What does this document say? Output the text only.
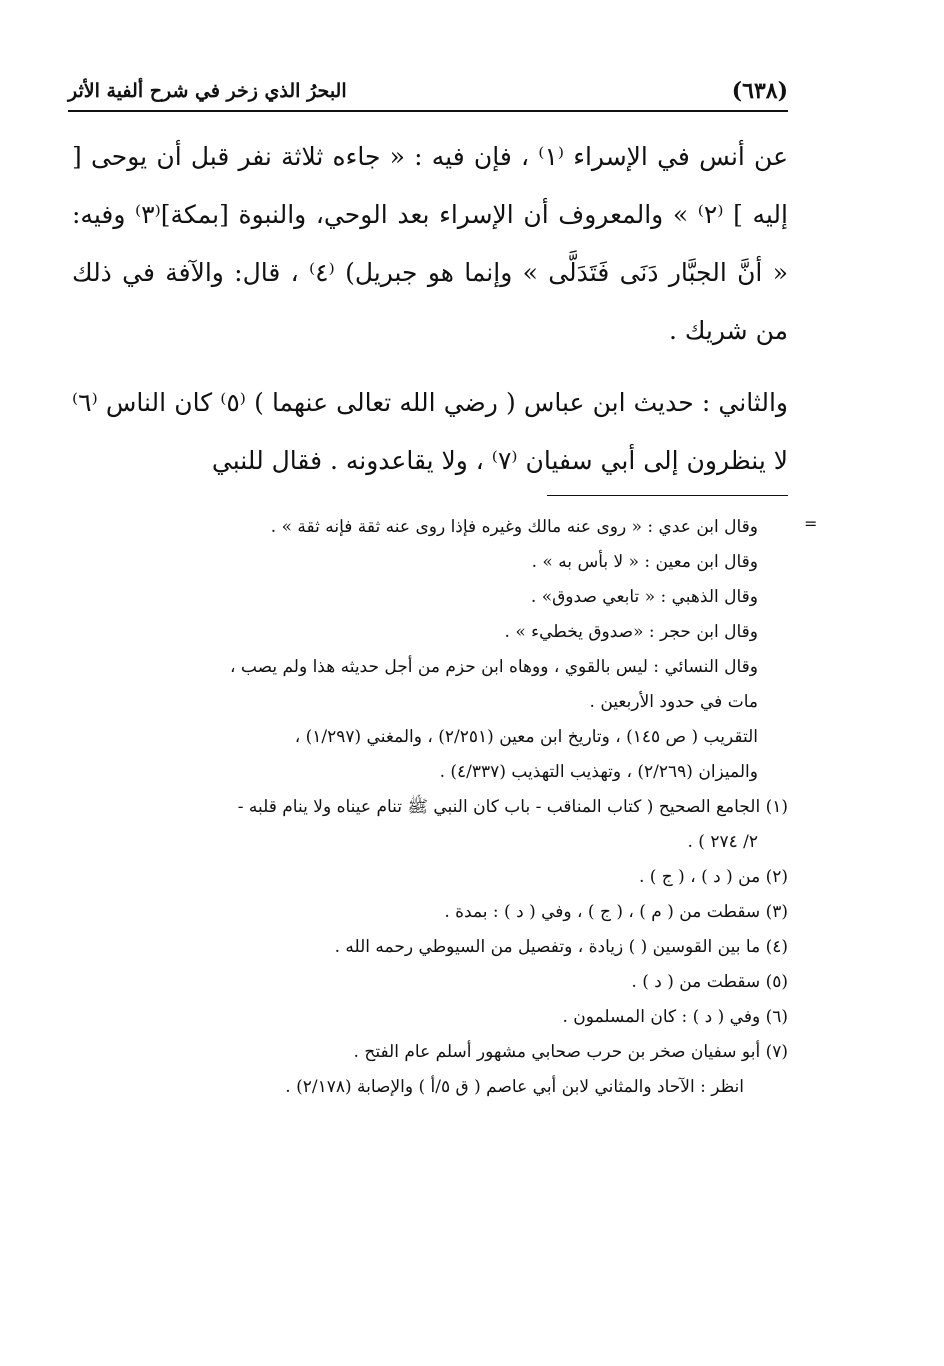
(٦٣٨)
البحرُ الذي زخر في شرح ألفية الأثر

عن أنس في الإسراء ⁽١⁾ ، فإن فيه : « جاءه ثلاثة نفر قبل أن يوحى [ إليه ] ⁽٢⁾ » والمعروف أن الإسراء بعد الوحي، والنبوة [بمكة]⁽٣⁾ وفيه: « أنَّ الجبَّار دَنَى فَتَدَلَّى » وإنما هو جبريل) ⁽٤⁾ ، قال: والآفة في ذلك من شريك .

والثاني : حديث ابن عباس ( رضي الله تعالى عنهما ) ⁽٥⁾ كان الناس ⁽٦⁾ لا ينظرون إلى أبي سفيان ⁽٧⁾ ، ولا يقاعدونه . فقال للنبي

=

وقال ابن عدي : « روى عنه مالك وغيره فإذا روى عنه ثقة فإنه ثقة » .

وقال ابن معين : « لا بأس به » .

وقال الذهبي : « تابعي صدوق» .

وقال ابن حجر : «صدوق يخطيء » .

وقال النسائي : ليس بالقوي ، ووهاه ابن حزم من أجل حديثه هذا ولم يصب ،

مات في حدود الأربعين .

التقريب ( ص ١٤٥) ، وتاريخ ابن معين (٢/٢٥١) ، والمغني (١/٢٩٧) ،

والميزان (٢/٢٦٩) ، وتهذيب التهذيب (٤/٣٣٧) .

(١) الجامع الصحيح ( كتاب المناقب - باب كان النبي ﷺ تنام عيناه ولا ينام قلبه -

٢/ ٢٧٤ ) .

(٢) من ( د ) ، ( ج ) .

(٣) سقطت من ( م ) ، ( ج ) ، وفي ( د ) : بمدة .

(٤) ما بين القوسين ( ) زيادة ، وتفصيل من السيوطي رحمه الله .

(٥) سقطت من ( د ) .

(٦) وفي ( د ) : كان المسلمون .

(٧) أبو سفيان صخر بن حرب صحابي مشهور أسلم عام الفتح .

انظر : الآحاد والمثاني لابن أبي عاصم ( ق ٥/أ ) والإصابة (٢/١٧٨) .
